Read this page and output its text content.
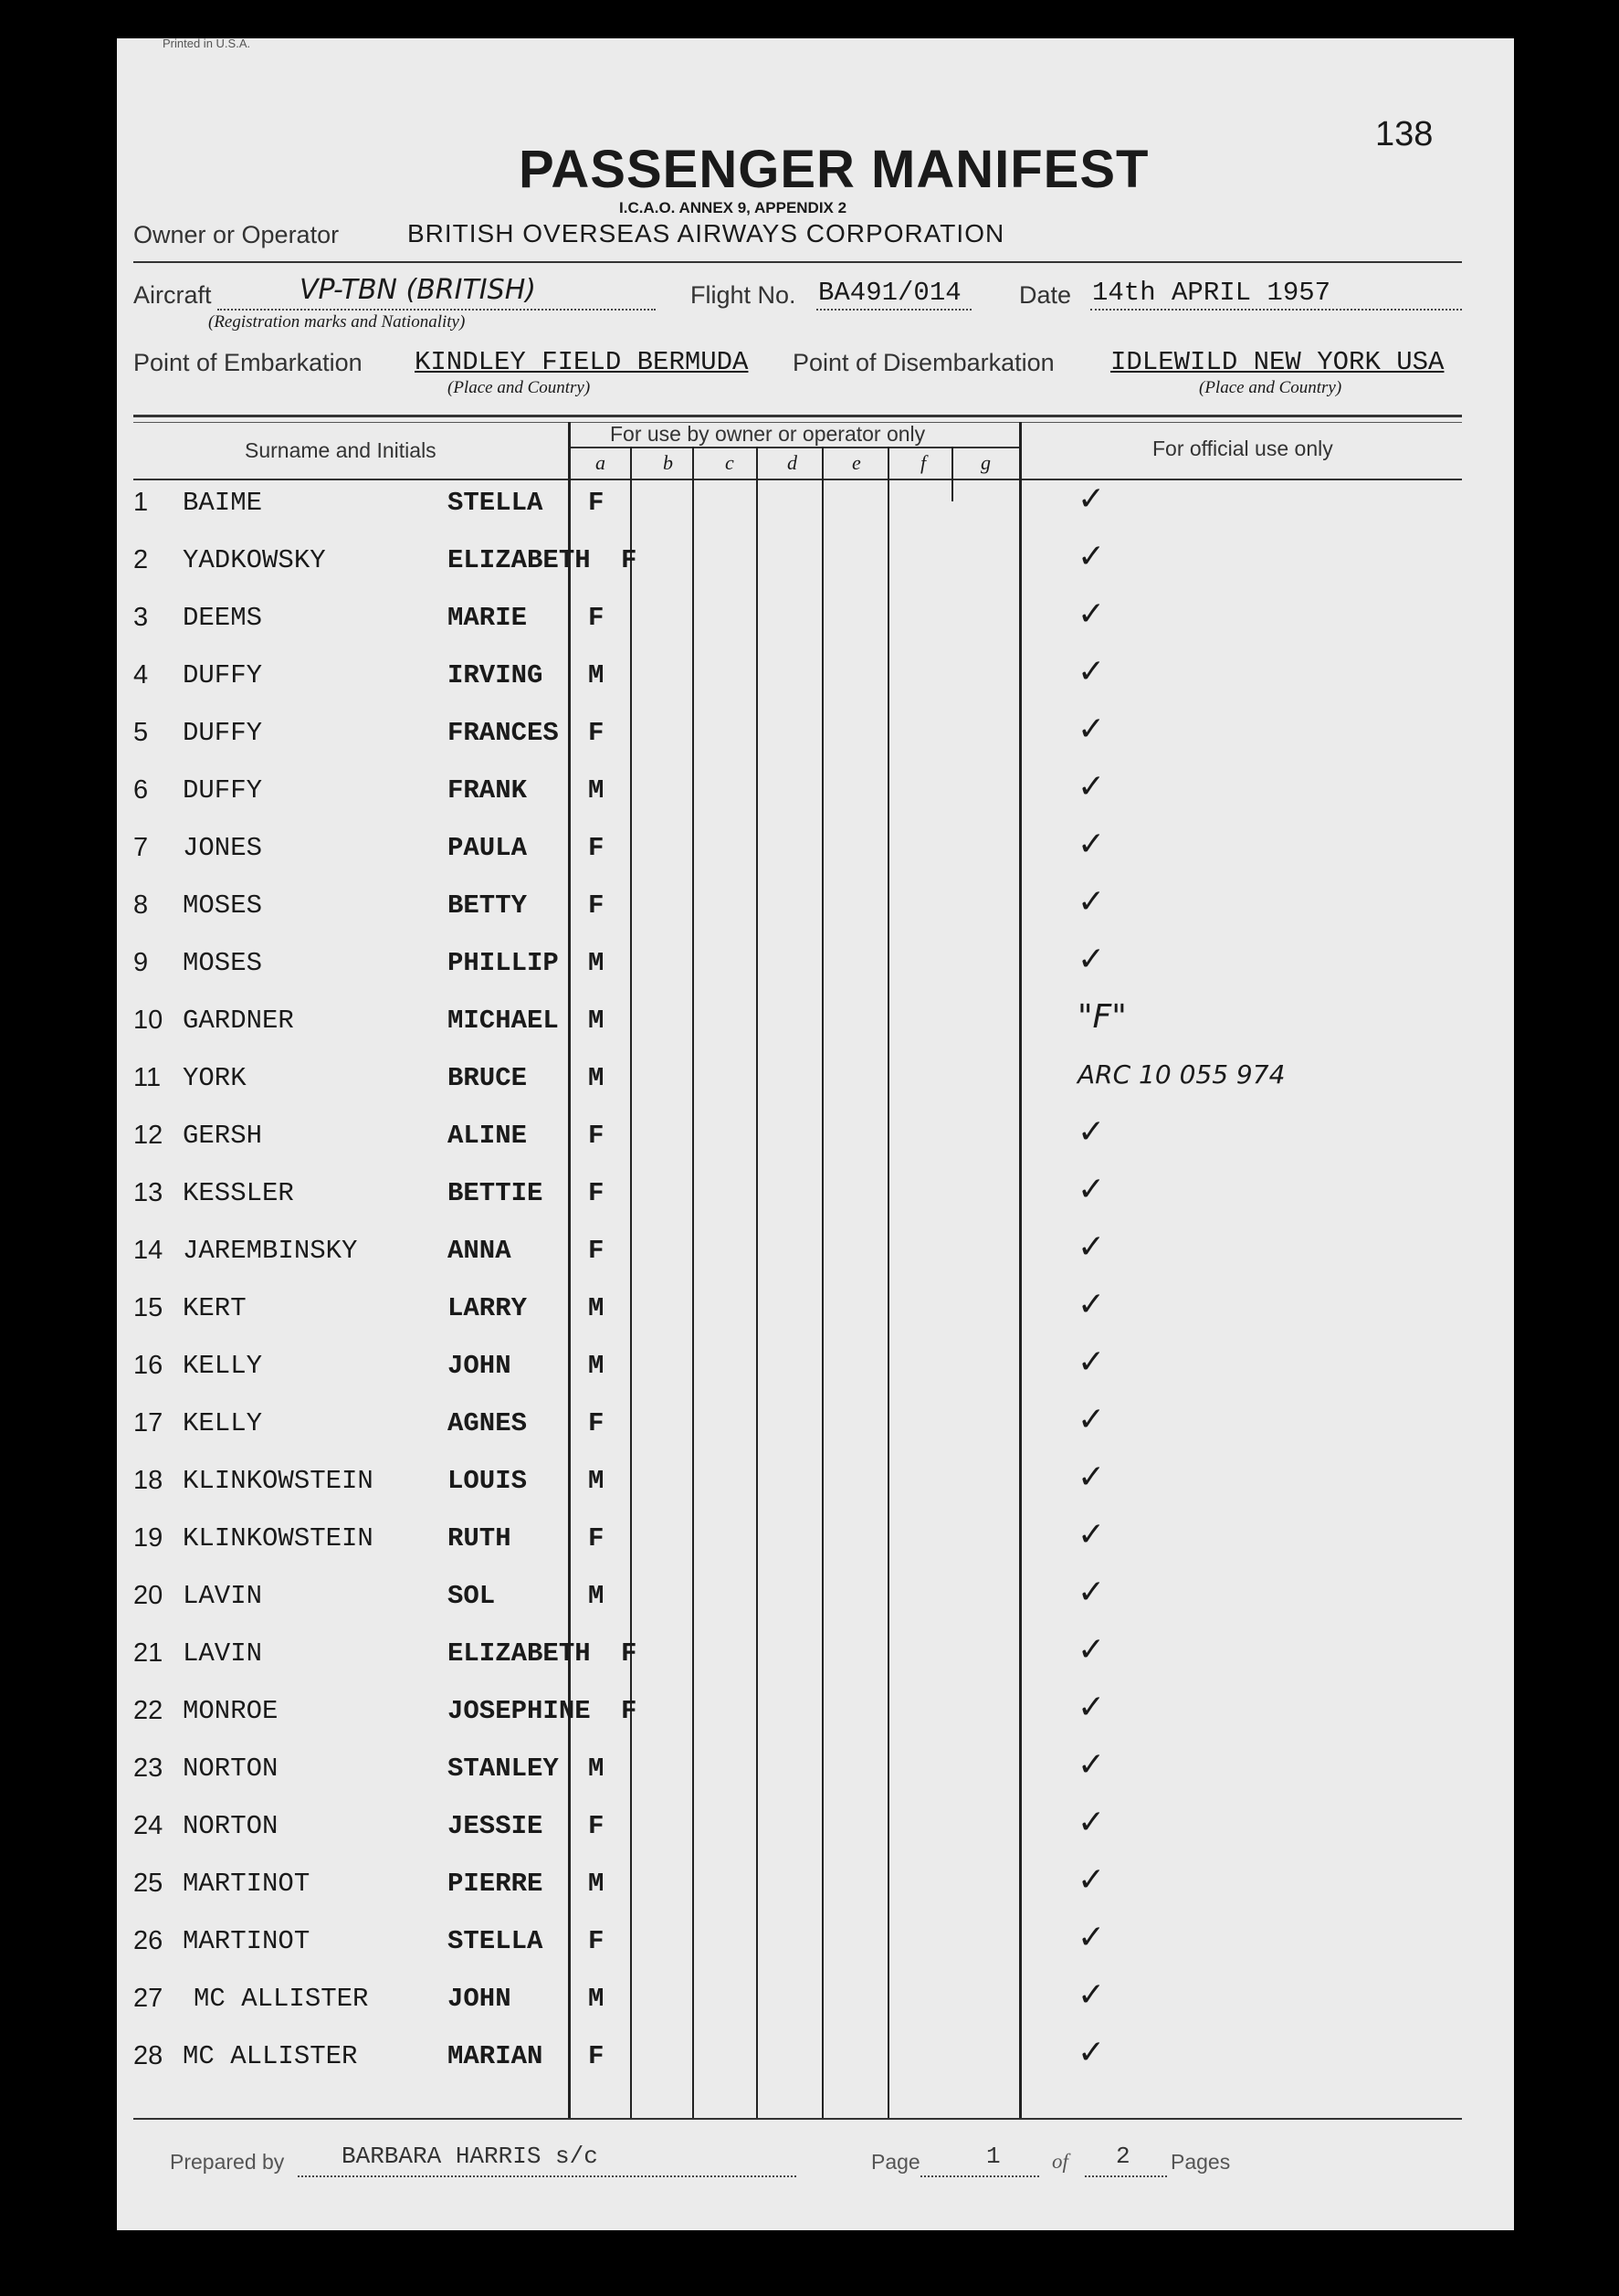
Printed in U.S.A.
138
PASSENGER MANIFEST
I.C.A.O. ANNEX 9, APPENDIX 2
Owner or Operator	BRITISH OVERSEAS AIRWAYS CORPORATION
Aircraft	VP-TBN (BRITISH)
(Registration marks and Nationality)
Flight No. BA491/014 Date 14th APRIL 1957
Point of Embarkation KINDLEY FIELD BERMUDA
(Place and Country)
Point of Disembarkation IDLEWILD NEW YORK USA
(Place and Country)
Surname and Initials
For use by owner or operator only
For official use only
a	b	c	d	e	f	g
1 BAIME	STELLA F	✓
2 YADKOWSKY	ELIZABETH F	✓
3 DEEMS	MARIE F	✓
4 DUFFY	IRVING M	✓
5 DUFFY	FRANCES F	✓
6 DUFFY	FRANK M	✓
7 JONES	PAULA F	✓
8 MOSES	BETTY F	✓
9 MOSES	PHILLIP M	✓
10 GARDNER	MICHAEL M	"F"
11 YORK	BRUCE M	ARC 10 055 974
12 GERSH	ALINE F	✓
13 KESSLER	BETTIE F	✓
14 JAREMBINSKY	ANNA	F	✓
15 KERT	LARRY M	✓
16 KELLY	JOHN	M	✓
17 KELLY	AGNES F	✓
18 KLINKOWSTEIN	LOUIS M	✓
19 KLINKOWSTEIN	RUTH	F	✓
20 LAVIN	SOL	M	✓
21 LAVIN	ELIZABETH F	✓
22 MONROE	JOSEPHINE F	✓
23 NORTON	STANLEY M	✓
24 NORTON	JESSIE F	✓
25 MARTINOT	PIERRE M	✓
26 MARTINOT	STELLA F	✓
27 MC ALLISTER	JOHN	M	✓
28 MC ALLISTER	MARIAN F	✓
Prepared by BARBARA HARRIS s/c	Page	1 of 2 Pages
